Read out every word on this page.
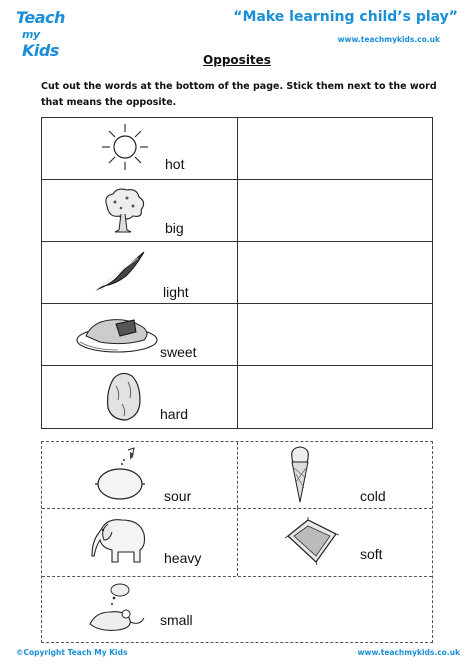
Teach
my Kids
“Make learning child’s play”
www.teachmykids.co.uk
Opposites
Cut out the words at the bottom of the page. Stick them next to the word that means the opposite.
hot
big
light
sweet
hard
sour	cold
heavy	soft
small
©Copyright Teach My Kids	www.teachmykids.co.uk
